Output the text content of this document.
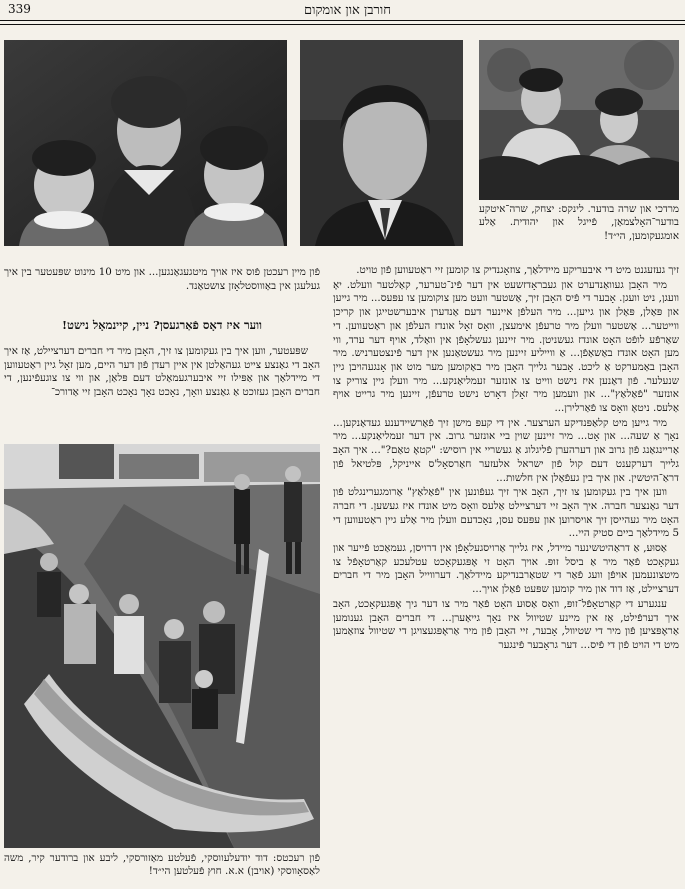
339	חורבן און אומקום
מרדכי און שרה בודער. לינקס: יצחק, שרה־איטקע בודער־האָלצמאַן, פֿייגל און יהודית. אַלע אומגעקומען, הי״ד!

פֿון מיין רעכטן פֿוס איז אויך מיטגעגאַנגען... און מיט 10 מינוט שפּעטער בין איך געלעגן אין באַוווסטלאָזן צושטאַנד.

ווער איז דאָס פֿאַרגעסן? ניין, קיינמאָל נישט!

שפּעטער, ווען איך בין געקומען צו זיך, האָבן מיר די חברים דערציילט, אַז איך האָב די גאַנצע צייט געהאַלטן אין איין רעדן פֿון דער היים, מען זאָל גיין ראַטעווען די מיידלאַך און אַפּילו זיי איבערגעמאַלט דעם פּלאַן, און ווי צו צוגעפֿינען, די חברים האָבן געזוכט אַ גאַנצע וואָך, נאָכט נאָך נאָכט האָבן זיי אַדורכ־

פֿון רעכטס: דוד יודעלעווסקי, פֿעלטע מאַזורסקי, ליבע און ברודער קיר, משה לאַסאָווסקי (אויבן) א.א. חוץ פֿעלטען הי״ד!

זיך געזעגנט מיט די איבעריקע מיידלאַך, צוזאָגנדיק צו קומען זיי ראַטעווען פֿון טויט.

מיר האָבן געוואַנדערט און געבראָדזשעט אין דער פֿינ־טערער, קאַלטער וועלט. יאָ וועגן, ניט וועגן. אָבער די פֿיס האָבן זיך, אַשטער וועט מען צוקומען צו עפּעס... מיר גייען און פּאַלן, פּאַלן און גייען... מיר העלפֿן איינער דעם אַנדערן איבערשטייגן און קריכן ווייטער... אַשטער וועלן מיר טרעפֿן אימעצן, וואָס זאָל אונדז העלפֿן און ראַטעווען. די שאַרפֿע לופֿט האָט אונדז געשניטן. מיר זיינען געשלאָפֿן אין וואַלד, אויף דער ערד, ווי מען האָט אונדז באַשאַפֿן... אַ ווייליע זיינען מיר געשטאַנען אין דער פֿינצטערניש. מיר האָבן באַמערקט אַ ליכט. אָבער גלייך האָבן מיר באַקומען מער מוט און אָנגעהויבן גיין שנעלער. פֿון דאַנען איז נישט ווייט צו אונזער זעמליאַנקע... מיר וועלן גיין צוריק צו אונזער "פֿאַלאַץ"... און וועמען מיר זאָלן דאָרט נישט טרעפֿן, זיינען מיר גרייט אויף אַלעס. ניטאָ וואָס צו פֿאַרלירן...

מיר גייען מיט קלאַפּנדיקע הערצער. אין די קעפּ מישן זיך פֿאַרשיידענע געדאַנקען... נאָך אַ שעה... און אָט... מיר זיינען שוין ביי אונזער גרוב. אין דער זעמליאַנקע... מיר אַריינגאַנג פֿון גרוב און דערהערן פֿליגלוג אַ געשריי אין רוסיש: "קטאָ טאַם?"... איך האָב גלייך דערקענט דעם קול פֿון ישראל אלעזער חאַרסאָל'ס אייניקל, פּלטיאל פֿון דראַ־היטשין. און איך בין געפֿאַלן אין חלשות...

ווען איך בין געקומען צו זיך, האָב איך זיך געפֿונען אין "פֿאַלאַץ" אַרומגערינגלט פֿון דער גאַנצער חברה. איך האָב זיי דערציילט אַלעס וואָס מיט אונדז איז געשען. די חברה האָט מיר געהייסן זיך אויסרוען און עפּעס עסן, נאָכדעם וועלן מיר אַלע גיין ראַטעווען די 5 מיידלאַך ביים סטיק היי...

אַסוּע, אַ דראַהיטשינער מיידל, איז גלייך אַרויסגעלאָפֿן אין דרויסן, געמאַכט פֿייער און געקאָכט פֿאַר מיר אַ ביסל זופּ. אויך האָט זי אָפּגעקאָכט עטלעכע קאַרטאָפֿל צו מיטצונעמען אויפֿן וועג פֿאַר די שטאַרבנדיקע מיידלאַך. דערווייל האָבן מיר די חברים דערציילט, אַז דוד און מיר קומען שפּעט פֿאַלן אויך...

ענגערע די קאַרטאָפֿל־זופּ, וואָס אַסוּע האָט פֿאַר מיר צו דער גיך אָפּגעקאָכט, האָב איך דערפֿילט, אַז אין מיינע שטיוול איז נאָך גייאַערן... די חברים האָבן גענומען אַראָפּציען פֿון מיר די שטיוול, אָבער, זיי האָבן פֿון מיר אַראָפּגעצויגן די שטיוול צוזאַמען מיט די הויט פֿון די פֿיס... דער גראָבער פֿינגער
